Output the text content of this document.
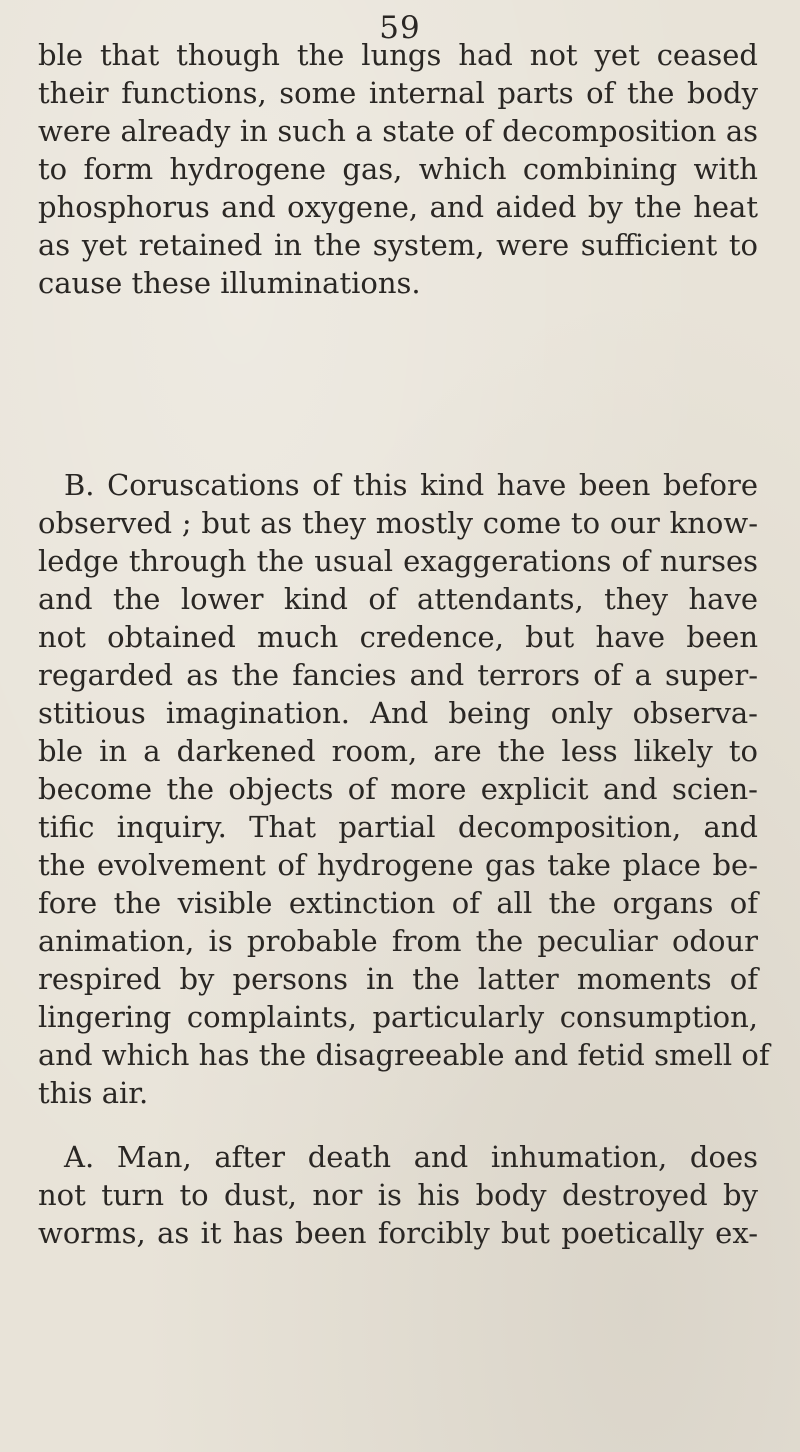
59
ble that though the lungs had not yet ceased
their functions, some internal parts of the body
were already in such a state of decomposition as
to form hydrogene gas, which combining with
phosphorus and oxygene, and aided by the heat
as yet retained in the system, were sufficient to
cause these illuminations.
B. Coruscations of this kind have been before
observed ; but as they mostly come to our know-
ledge through the usual exaggerations of nurses
and the lower kind of attendants, they have
not obtained much credence, but have been
regarded as the fancies and terrors of a super-
stitious imagination. And being only observa-
ble in a darkened room, are the less likely to
become the objects of more explicit and scien-
tific inquiry. That partial decomposition, and
the evolvement of hydrogene gas take place be-
fore the visible extinction of all the organs of
animation, is probable from the peculiar odour
respired by persons in the latter moments of
lingering complaints, particularly consumption,
and which has the disagreeable and fetid smell of
this air.
A. Man, after death and inhumation, does
not turn to dust, nor is his body destroyed by
worms, as it has been forcibly but poetically ex-
